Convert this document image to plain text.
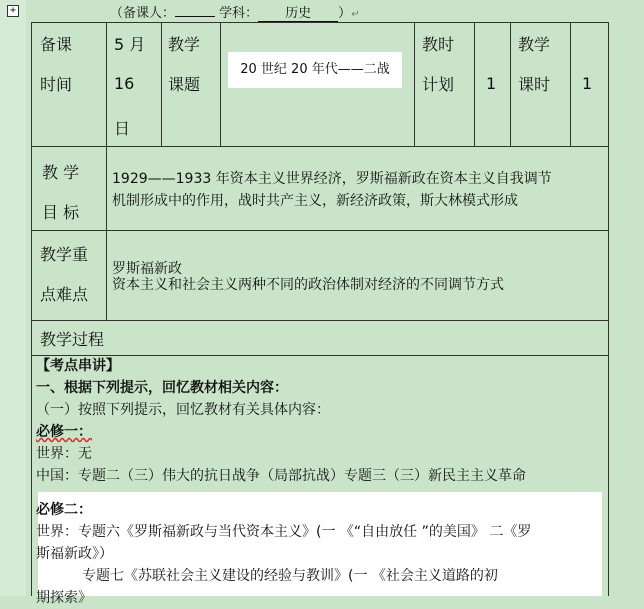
+	（备课人：	学科： 历史 ）↵
备课
时间
5 月
16
日
教学
课题
20 世纪 20 年代——二战
教时
计划 1
教学
课时 1
教 学
目 标
1929——1933 年资本主义世界经济，罗斯福新政在资本主义自我调节
机制形成中的作用，战时共产主义，新经济政策，斯大林模式形成
教学重
点难点
罗斯福新政
资本主义和社会主义两种不同的政治体制对经济的不同调节方式
教学过程
【考点串讲】
一、根据下列提示，回忆教材相关内容：
（一）按照下列提示，回忆教材有关具体内容：
必修一：
世界：无
中国：专题二（三）伟大的抗日战争（局部抗战）专题三（三）新民主主义革命
必修二：
世界：专题六《罗斯福新政与当代资本主义》(一 《“自由放任 ”的美国》 二《罗
斯福新政》）
专题七《苏联社会主义建设的经验与教训》(一 《社会主义道路的初
期探索》
